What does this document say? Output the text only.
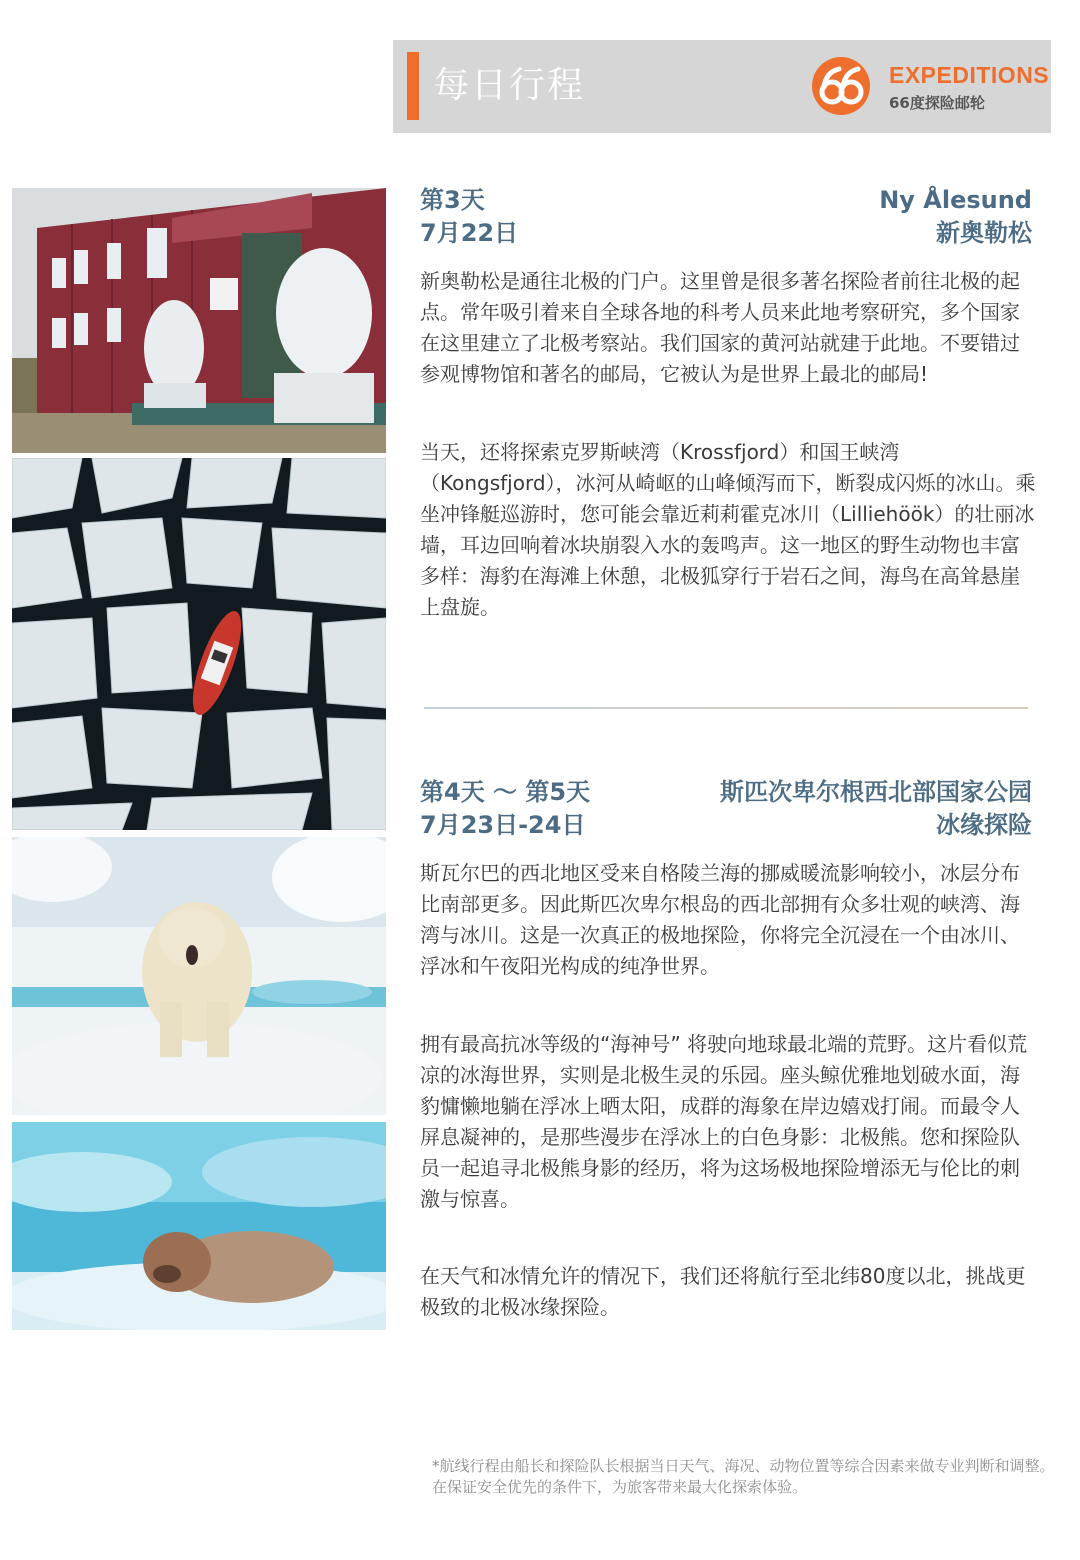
每日行程	EXPEDITIONS
66度探险邮轮
第3天
7月22日
Ny Ålesund
新奥勒松

新奥勒松是通往北极的门户。这里曾是很多著名探险者前往北极的起点。常年吸引着来自全球各地的科考人员来此地考察研究，多个国家在这里建立了北极考察站。我们国家的黄河站就建于此地。不要错过参观博物馆和著名的邮局，它被认为是世界上最北的邮局!

当天，还将探索克罗斯峡湾（Krossfjord）和国王峡湾（Kongsfjord），冰河从崎岖的山峰倾泻而下，断裂成闪烁的冰山。乘坐冲锋艇巡游时，您可能会靠近莉莉霍克冰川（Lilliehöök）的壮丽冰墙，耳边回响着冰块崩裂入水的轰鸣声。这一地区的野生动物也丰富多样：海豹在海滩上休憩，北极狐穿行于岩石之间，海鸟在高耸悬崖上盘旋。

第4天 ～ 第5天
7月23日-24日
斯匹次卑尔根西北部国家公园
冰缘探险

斯瓦尔巴的西北地区受来自格陵兰海的挪威暖流影响较小，冰层分布比南部更多。因此斯匹次卑尔根岛的西北部拥有众多壮观的峡湾、海湾与冰川。这是一次真正的极地探险，你将完全沉浸在一个由冰川、浮冰和午夜阳光构成的纯净世界。

拥有最高抗冰等级的“海神号” 将驶向地球最北端的荒野。这片看似荒凉的冰海世界，实则是北极生灵的乐园。座头鲸优雅地划破水面，海豹慵懒地躺在浮冰上晒太阳，成群的海象在岸边嬉戏打闹。而最令人屏息凝神的，是那些漫步在浮冰上的白色身影：北极熊。您和探险队员一起追寻北极熊身影的经历，将为这场极地探险增添无与伦比的刺激与惊喜。

在天气和冰情允许的情况下，我们还将航行至北纬80度以北，挑战更极致的北极冰缘探险。

*航线行程由船长和探险队长根据当日天气、海况、动物位置等综合因素来做专业判断和调整。在保证安全优先的条件下，为旅客带来最大化探索体验。
